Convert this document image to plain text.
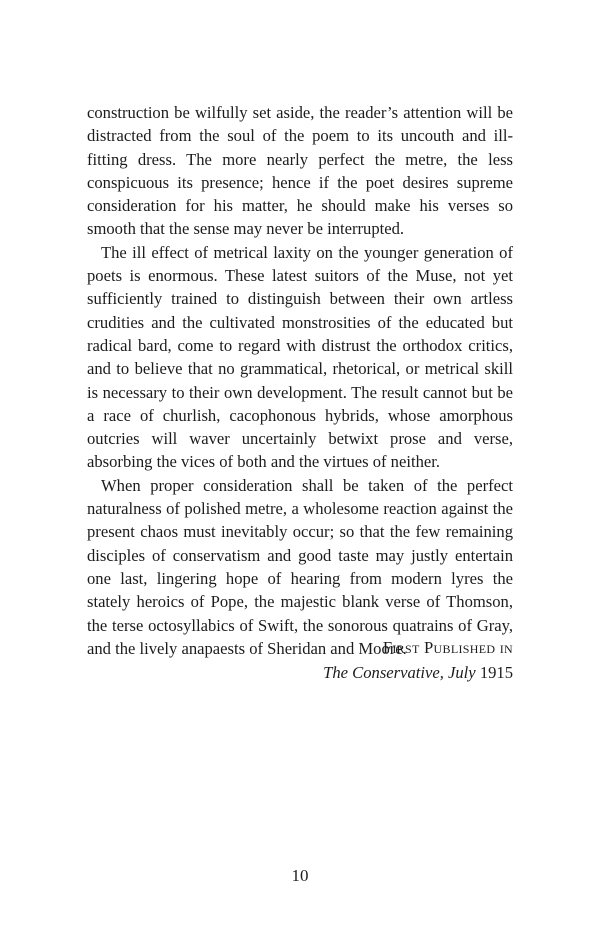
construction be wilfully set aside, the reader’s attention will be distracted from the soul of the poem to its uncouth and ill-fitting dress. The more nearly perfect the metre, the less conspicuous its presence; hence if the poet desires supreme consideration for his matter, he should make his verses so smooth that the sense may never be interrupted.

The ill effect of metrical laxity on the younger generation of poets is enormous. These latest suitors of the Muse, not yet sufficiently trained to distinguish between their own artless crudities and the cultivated monstrosities of the educated but radical bard, come to regard with distrust the orthodox critics, and to believe that no grammatical, rhetorical, or metrical skill is necessary to their own development. The result cannot but be a race of churlish, cacophonous hybrids, whose amorphous outcries will waver uncertainly betwixt prose and verse, absorbing the vices of both and the virtues of neither.

When proper consideration shall be taken of the perfect naturalness of polished metre, a wholesome reaction against the present chaos must inevitably occur; so that the few remaining disciples of conservatism and good taste may justly entertain one last, lingering hope of hearing from modern lyres the stately heroics of Pope, the majestic blank verse of Thomson, the terse octosyllabics of Swift, the sonorous quatrains of Gray, and the lively anapaests of Sheridan and Moore.

First Published in
The Conservative, July 1915
10
